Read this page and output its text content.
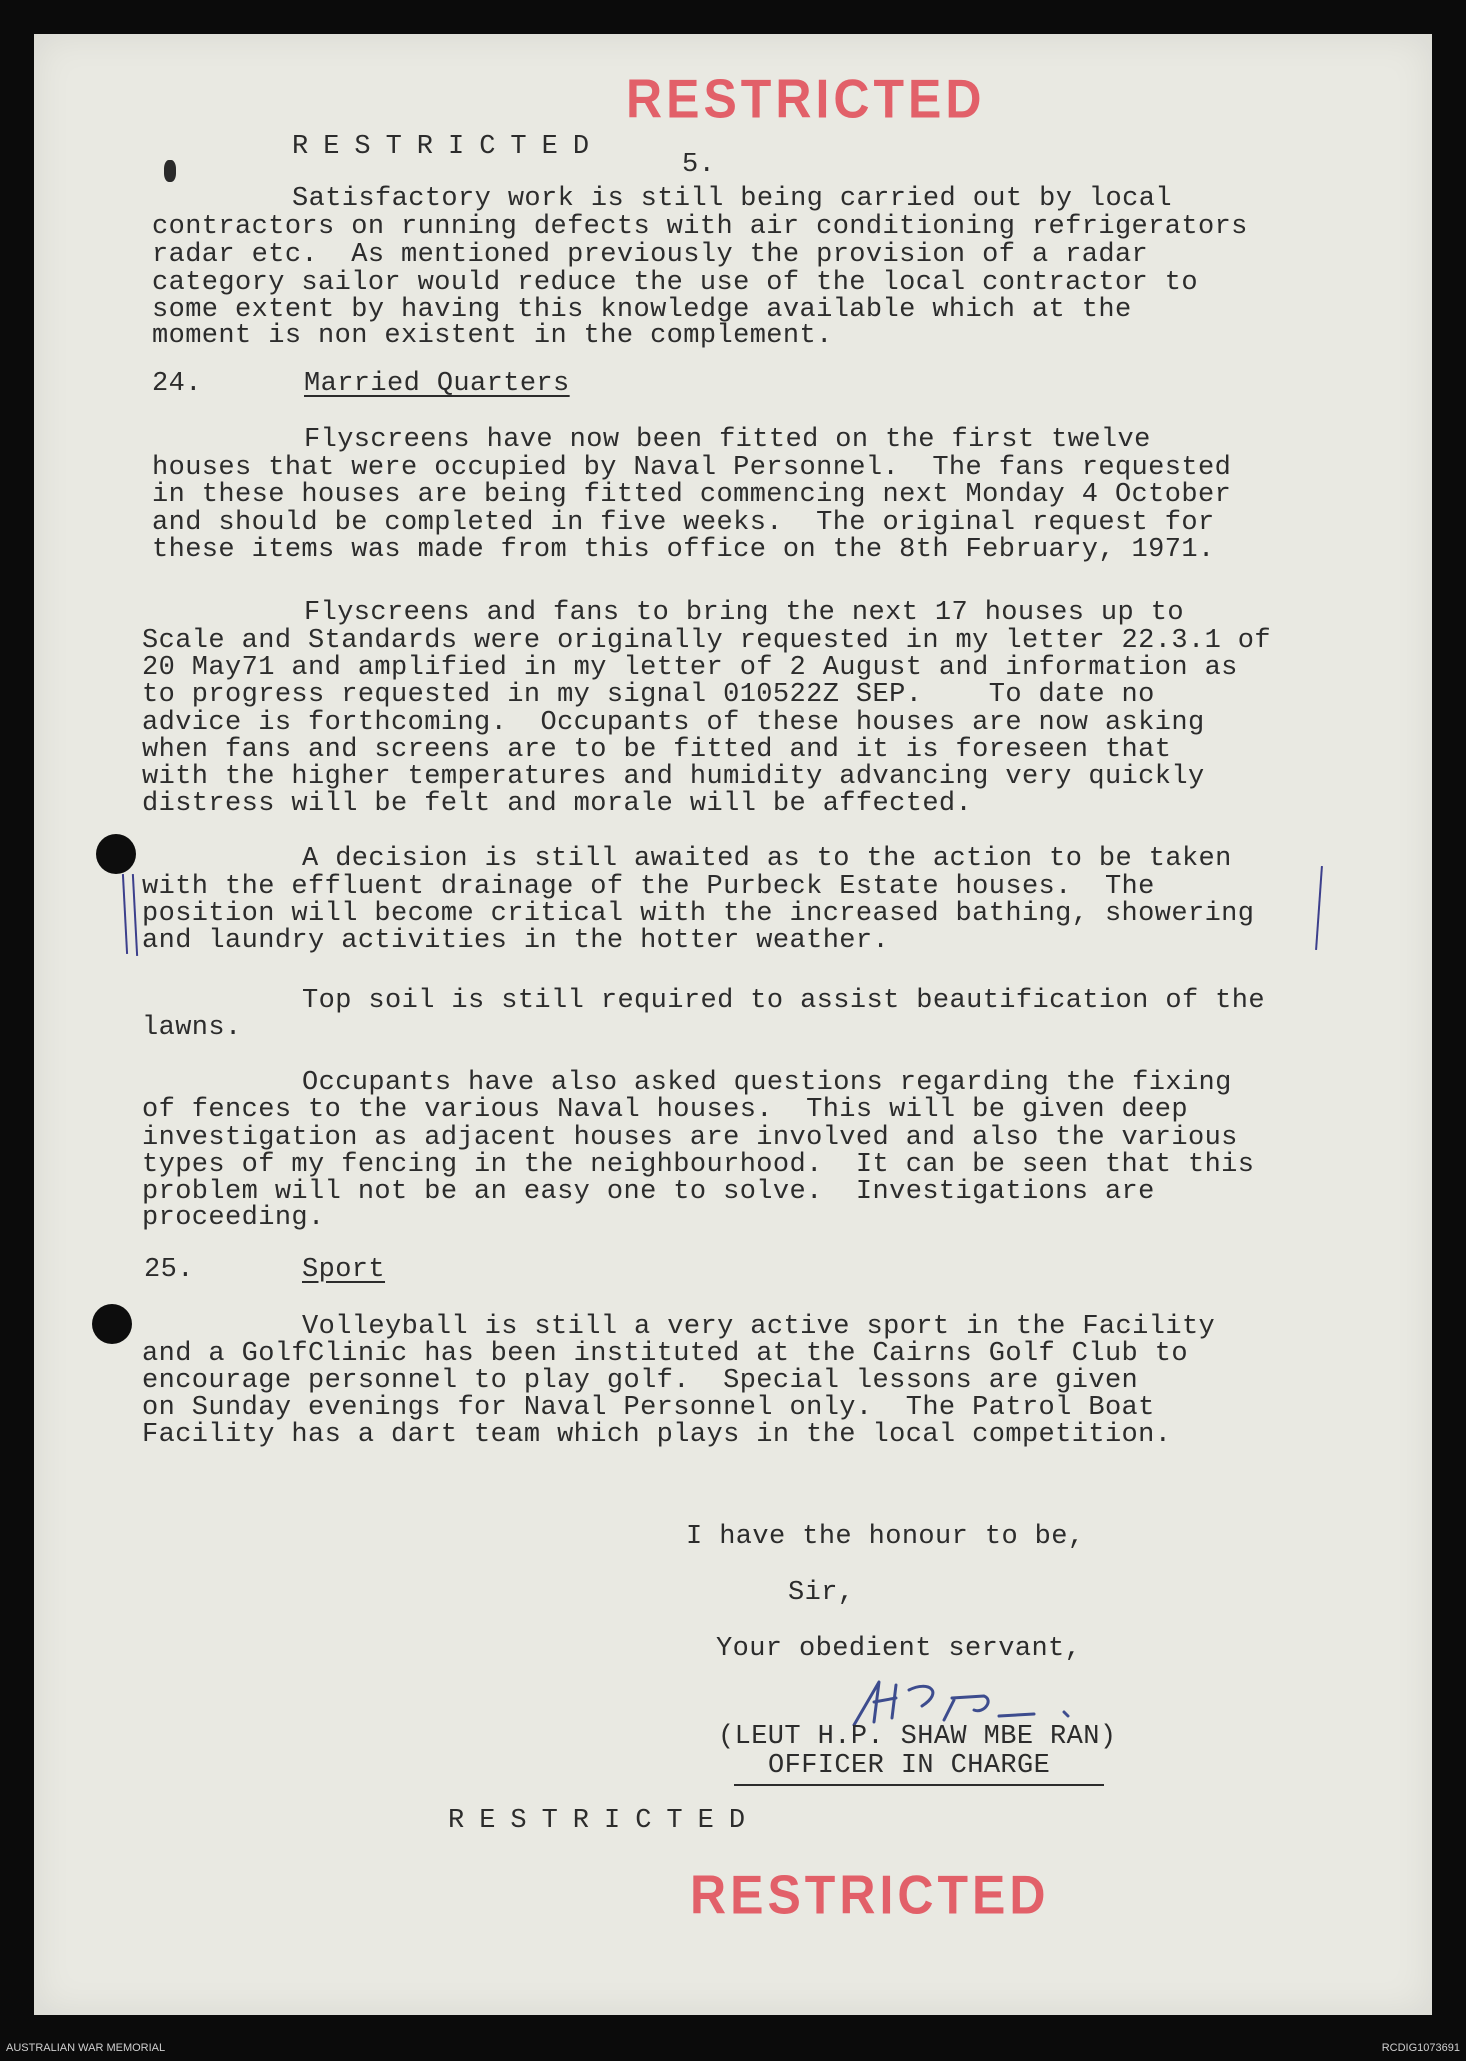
RESTRICTED
RESTRICTED
5.
Satisfactory work is still being carried out by local
contractors on running defects with air conditioning refrigerators
radar etc.  As mentioned previously the provision of a radar
category sailor would reduce the use of the local contractor to
some extent by having this knowledge available which at the
moment is non existent in the complement.
24.	Married Quarters
Flyscreens have now been fitted on the first twelve
houses that were occupied by Naval Personnel.  The fans requested
in these houses are being fitted commencing next Monday 4 October
and should be completed in five weeks.  The original request for
these items was made from this office on the 8th February, 1971.
Flyscreens and fans to bring the next 17 houses up to
Scale and Standards were originally requested in my letter 22.3.1 of
20 May71 and amplified in my letter of 2 August and information as
to progress requested in my signal 010522Z SEP.    To date no
advice is forthcoming.  Occupants of these houses are now asking
when fans and screens are to be fitted and it is foreseen that
with the higher temperatures and humidity advancing very quickly
distress will be felt and morale will be affected.
A decision is still awaited as to the action to be taken
with the effluent drainage of the Purbeck Estate houses.  The
position will become critical with the increased bathing, showering
and laundry activities in the hotter weather.
Top soil is still required to assist beautification of the
lawns.
Occupants have also asked questions regarding the fixing
of fences to the various Naval houses.  This will be given deep
investigation as adjacent houses are involved and also the various
types of my fencing in the neighbourhood.  It can be seen that this
problem will not be an easy one to solve.  Investigations are
proceeding.
25.	Sport
Volleyball is still a very active sport in the Facility
and a GolfClinic has been instituted at the Cairns Golf Club to
encourage personnel to play golf.  Special lessons are given
on Sunday evenings for Naval Personnel only.  The Patrol Boat
Facility has a dart team which plays in the local competition.
I have the honour to be,
Sir,
Your obedient servant,
(LEUT H.P. SHAW MBE RAN)
OFFICER IN CHARGE
RESTRICTED
RESTRICTED
AUSTRALIAN WAR MEMORIAL	RCDIG1073691
